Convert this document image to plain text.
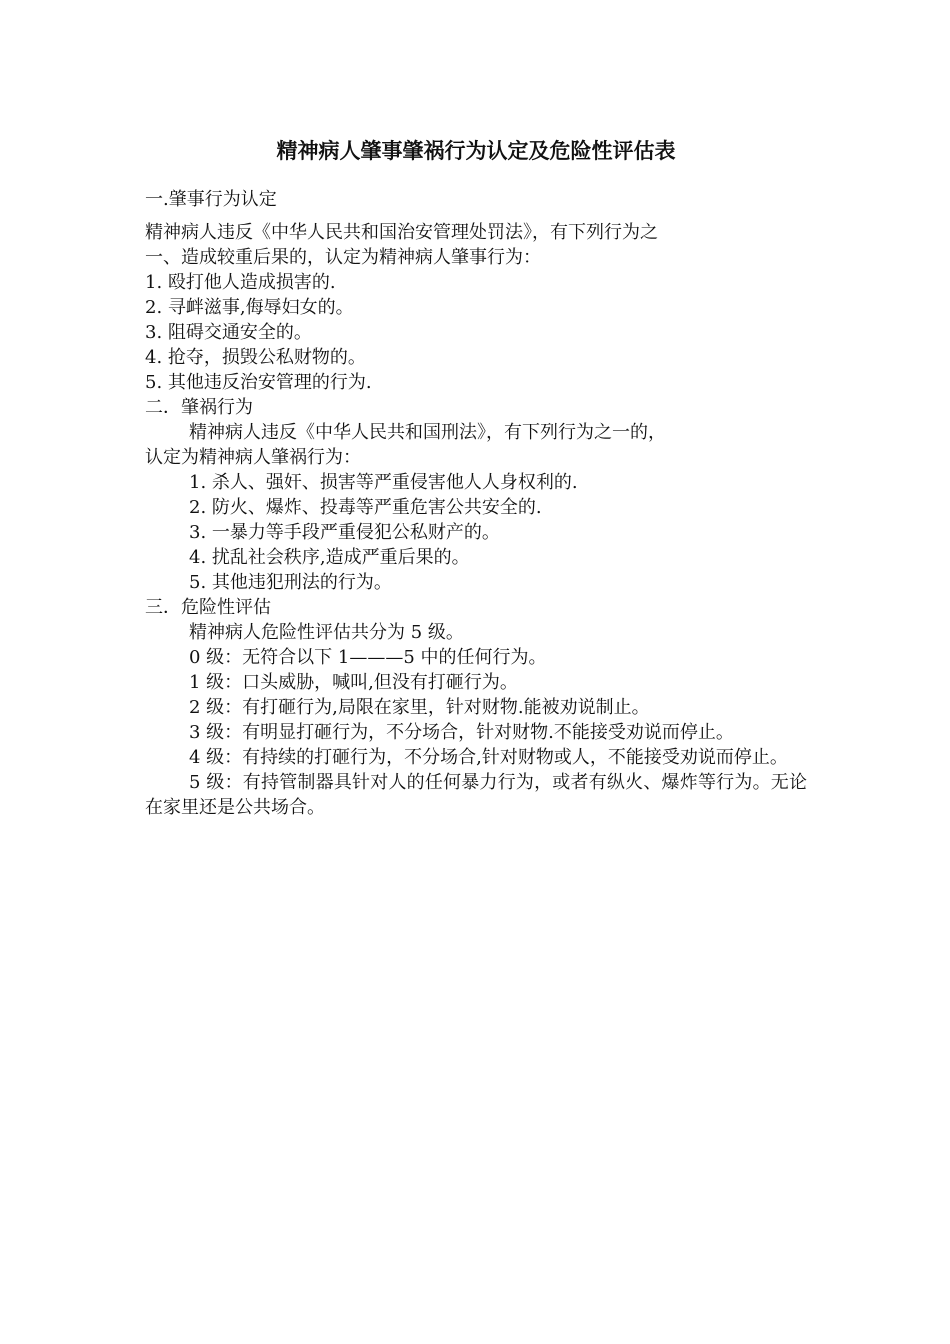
精神病人肇事肇祸行为认定及危险性评估表

一.肇事行为认定

精神病人违反《中华人民共和国治安管理处罚法》，有下列行为之

一、造成较重后果的，认定为精神病人肇事行为：

1. 殴打他人造成损害的.

2. 寻衅滋事,侮辱妇女的。

3. 阻碍交通安全的。

4. 抢夺，损毁公私财物的。

5. 其他违反治安管理的行为.

二．肇祸行为

精神病人违反《中华人民共和国刑法》，有下列行为之一的，

认定为精神病人肇祸行为：

1. 杀人、强奸、损害等严重侵害他人人身权利的.

2. 防火、爆炸、投毒等严重危害公共安全的.

3. 一暴力等手段严重侵犯公私财产的。

4. 扰乱社会秩序,造成严重后果的。

5. 其他违犯刑法的行为。

三．危险性评估

精神病人危险性评估共分为 5 级。

0 级：无符合以下 1———5 中的任何行为。

1 级：口头威胁，喊叫,但没有打砸行为。

2 级：有打砸行为,局限在家里，针对财物.能被劝说制止。

3 级：有明显打砸行为，不分场合，针对财物.不能接受劝说而停止。

4 级：有持续的打砸行为，不分场合,针对财物或人，不能接受劝说而停止。

5 级：有持管制器具针对人的任何暴力行为，或者有纵火、爆炸等行为。无论在家里还是公共场合。
